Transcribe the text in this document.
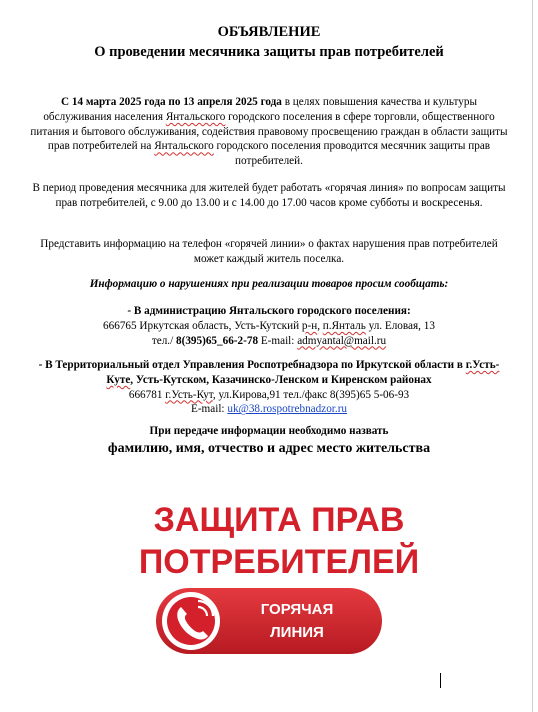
ОБЪЯВЛЕНИЕ
О проведении месячника защиты прав потребителей
С 14 марта 2025 года по 13 апреля 2025 года в целях повышения качества и культуры обслуживания населения Янтальского городского поселения в сфере торговли, общественного питания и бытового обслуживания, содействия правовому просвещению граждан в области защиты прав потребителей на Янтальского городского поселения проводится месячник защиты прав потребителей.
В период проведения месячника для жителей будет работать «горячая линия» по вопросам защиты прав потребителей, с 9.00 до 13.00 и с 14.00 до 17.00 часов кроме субботы и воскресенья.
Представить информацию на телефон «горячей линии» о фактах нарушения прав потребителей может каждый житель поселка.
Информацию о нарушениях при реализации товаров просим сообщать:
- В администрацию Янтальского городского поселения:
666765 Иркутская область, Усть-Кутский р-н, п.Янталь ул. Еловая, 13
тел./ 8(395)65_66-2-78 E-mail: admyantal@mail.ru
- В Территориальный отдел Управления Роспотребнадзора по Иркутской области в г.Усть-Куте, Усть-Кутском, Казачинско-Ленском и Киренском районах
666781 г.Усть-Кут, ул.Кирова,91 тел./факс 8(395)65 5-06-93
E-mail: uk@38.rospotrebnadzor.ru
При передаче информации необходимо назвать
фамилию, имя, отчество и адрес место жительства
ЗАЩИТА ПРАВ
ПОТРЕБИТЕЛЕЙ
ГОРЯЧАЯ
ЛИНИЯ
